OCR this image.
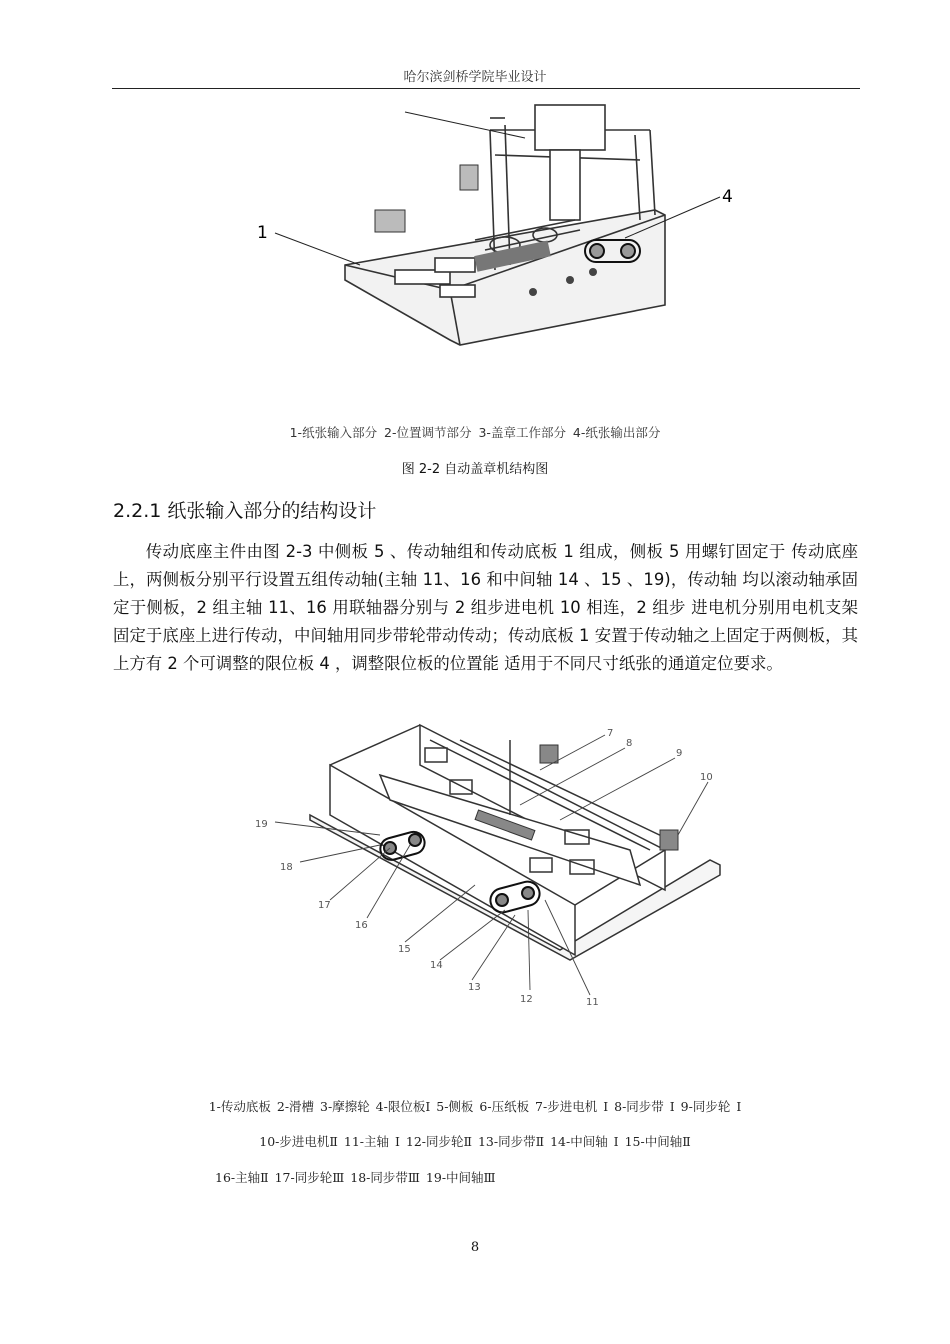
哈尔滨剑桥学院毕业设计
1
4
1-纸张输入部分 2-位置调节部分 3-盖章工作部分 4-纸张输出部分
图 2-2 自动盖章机结构图
2.2.1 纸张输入部分的结构设计

传动底座主件由图 2-3 中侧板 5 、传动轴组和传动底板 1 组成，侧板 5 用螺钉固定于 传动底座上，两侧板分别平行设置五组传动轴(主轴 11、16 和中间轴 14 、15 、19)，传动轴 均以滚动轴承固定于侧板，2 组主轴 11、16 用联轴器分别与 2 组步进电机 10 相连，2 组步 进电机分别用电机支架固定于底座上进行传动，中间轴用同步带轮带动传动；传动底板 1 安置于传动轴之上固定于两侧板，其上方有 2 个可调整的限位板 4 ，调整限位板的位置能 适用于不同尺寸纸张的通道定位要求。

7
8
9
10
19
18
17
16
15
14
13
12	11
1-传动底板 2-滑槽 3-摩擦轮 4-限位板Ⅰ 5-侧板 6-压纸板 7-步进电机 Ⅰ 8-同步带 Ⅰ 9-同步轮 Ⅰ
10-步进电机Ⅱ 11-主轴 Ⅰ 12-同步轮Ⅱ 13-同步带Ⅱ 14-中间轴 Ⅰ 15-中间轴Ⅱ
16-主轴Ⅱ 17-同步轮Ⅲ 18-同步带Ⅲ 19-中间轴Ⅲ
8
